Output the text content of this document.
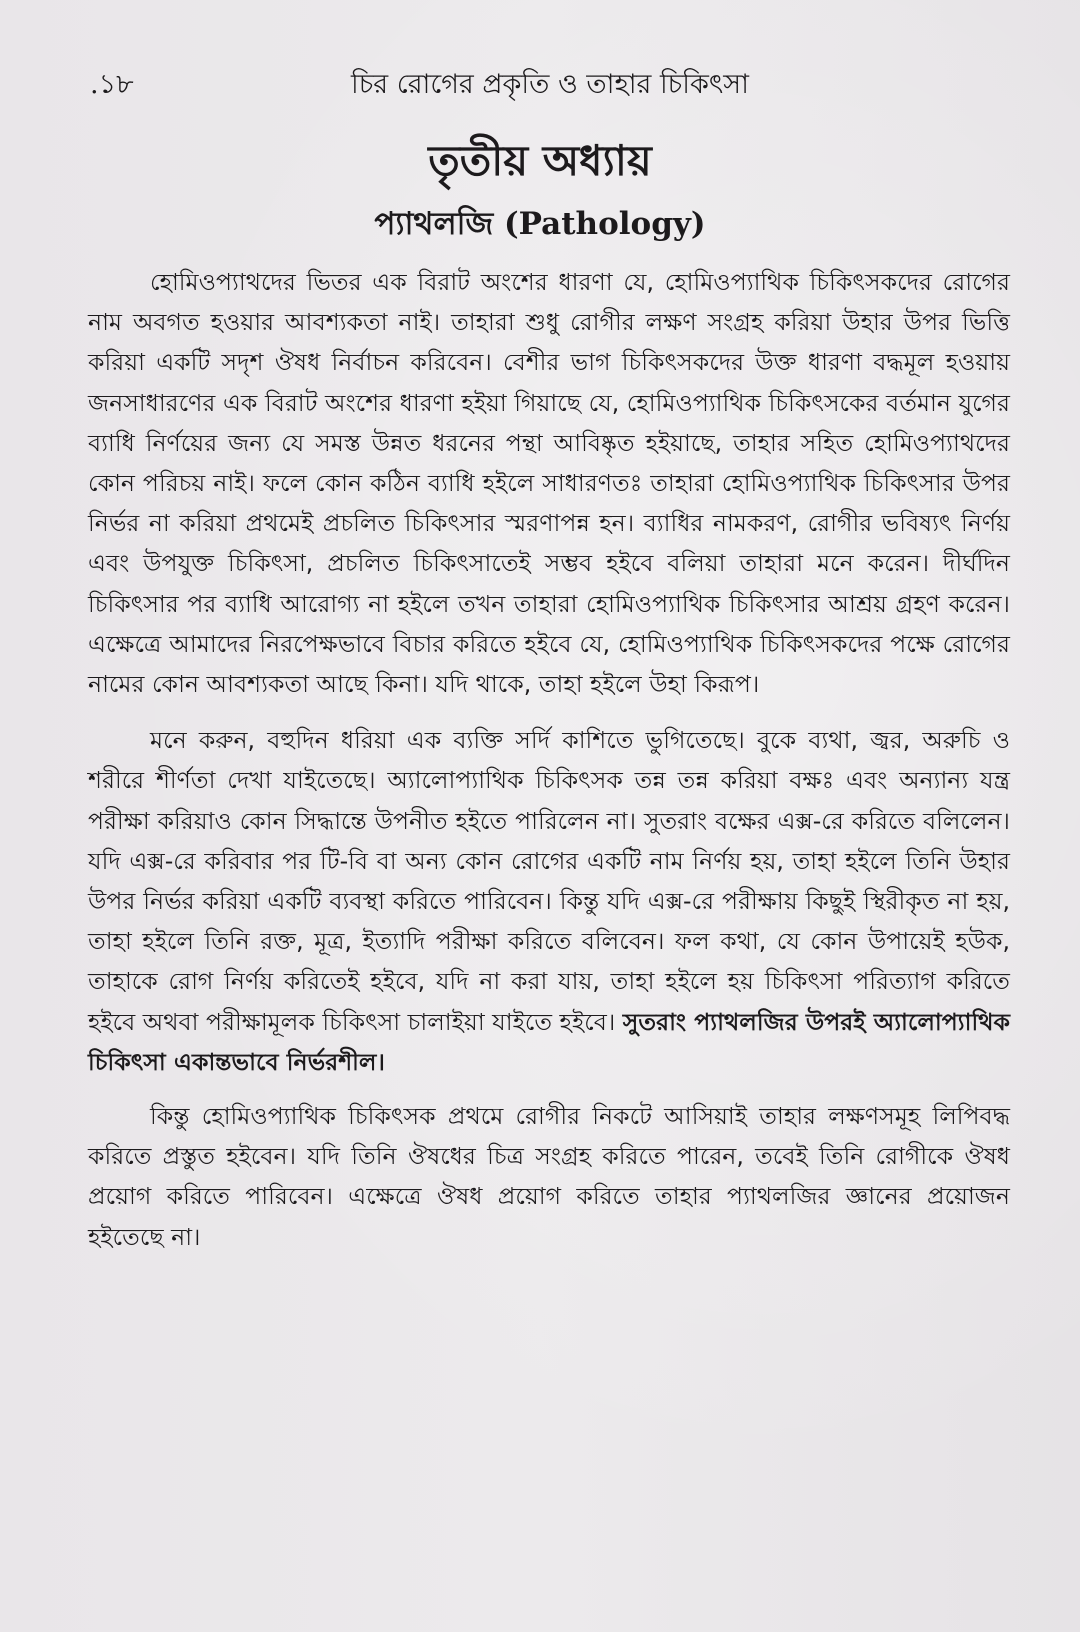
.১৮	চির রোগের প্রকৃতি ও তাহার চিকিৎসা
তৃতীয় অধ্যায়
প্যাথলজি (Pathology)

হোমিওপ্যাথদের ভিতর এক বিরাট অংশের ধারণা যে, হোমিওপ্যাথিক চিকিৎসকদের রোগের নাম অবগত হওয়ার আবশ্যকতা নাই। তাহারা শুধু রোগীর লক্ষণ সংগ্রহ করিয়া উহার উপর ভিত্তি করিয়া একটি সদৃশ ঔষধ নির্বাচন করিবেন। বেশীর ভাগ চিকিৎসকদের উক্ত ধারণা বদ্ধমূল হওয়ায় জনসাধারণের এক বিরাট অংশের ধারণা হইয়া গিয়াছে যে, হোমিওপ্যাথিক চিকিৎসকের বর্তমান যুগের ব্যাধি নির্ণয়ের জন্য যে সমস্ত উন্নত ধরনের পন্থা আবিষ্কৃত হইয়াছে, তাহার সহিত হোমিওপ্যাথদের কোন পরিচয় নাই। ফলে কোন কঠিন ব্যাধি হইলে সাধারণতঃ তাহারা হোমিওপ্যাথিক চিকিৎসার উপর নির্ভর না করিয়া প্রথমেই প্রচলিত চিকিৎসার স্মরণাপন্ন হন। ব্যাধির নামকরণ, রোগীর ভবিষ্যৎ নির্ণয় এবং উপযুক্ত চিকিৎসা, প্রচলিত চিকিৎসাতেই সম্ভব হইবে বলিয়া তাহারা মনে করেন। দীর্ঘদিন চিকিৎসার পর ব্যাধি আরোগ্য না হইলে তখন তাহারা হোমিওপ্যাথিক চিকিৎসার আশ্রয় গ্রহণ করেন। এক্ষেত্রে আমাদের নিরপেক্ষভাবে বিচার করিতে হইবে যে, হোমিওপ্যাথিক চিকিৎসকদের পক্ষে রোগের নামের কোন আবশ্যকতা আছে কিনা। যদি থাকে, তাহা হইলে উহা কিরূপ।

মনে করুন, বহুদিন ধরিয়া এক ব্যক্তি সর্দি কাশিতে ভুগিতেছে। বুকে ব্যথা, জ্বর, অরুচি ও শরীরে শীর্ণতা দেখা যাইতেছে। অ্যালোপ্যাথিক চিকিৎসক তন্ন তন্ন করিয়া বক্ষঃ এবং অন্যান্য যন্ত্র পরীক্ষা করিয়াও কোন সিদ্ধান্তে উপনীত হইতে পারিলেন না। সুতরাং বক্ষের এক্স-রে করিতে বলিলেন। যদি এক্স-রে করিবার পর টি-বি বা অন্য কোন রোগের একটি নাম নির্ণয় হয়, তাহা হইলে তিনি উহার উপর নির্ভর করিয়া একটি ব্যবস্থা করিতে পারিবেন। কিন্তু যদি এক্স-রে পরীক্ষায় কিছুই স্থিরীকৃত না হয়, তাহা হইলে তিনি রক্ত, মূত্র, ইত্যাদি পরীক্ষা করিতে বলিবেন। ফল কথা, যে কোন উপায়েই হউক, তাহাকে রোগ নির্ণয় করিতেই হইবে, যদি না করা যায়, তাহা হইলে হয় চিকিৎসা পরিত্যাগ করিতে হইবে অথবা পরীক্ষামূলক চিকিৎসা চালাইয়া যাইতে হইবে। সুতরাং প্যাথলজির উপরই অ্যালোপ্যাথিক চিকিৎসা একান্তভাবে নির্ভরশীল।

কিন্তু হোমিওপ্যাথিক চিকিৎসক প্রথমে রোগীর নিকটে আসিয়াই তাহার লক্ষণসমূহ লিপিবদ্ধ করিতে প্রস্তুত হইবেন। যদি তিনি ঔষধের চিত্র সংগ্রহ করিতে পারেন, তবেই তিনি রোগীকে ঔষধ প্রয়োগ করিতে পারিবেন। এক্ষেত্রে ঔষধ প্রয়োগ করিতে তাহার প্যাথলজির জ্ঞানের প্রয়োজন হইতেছে না।
